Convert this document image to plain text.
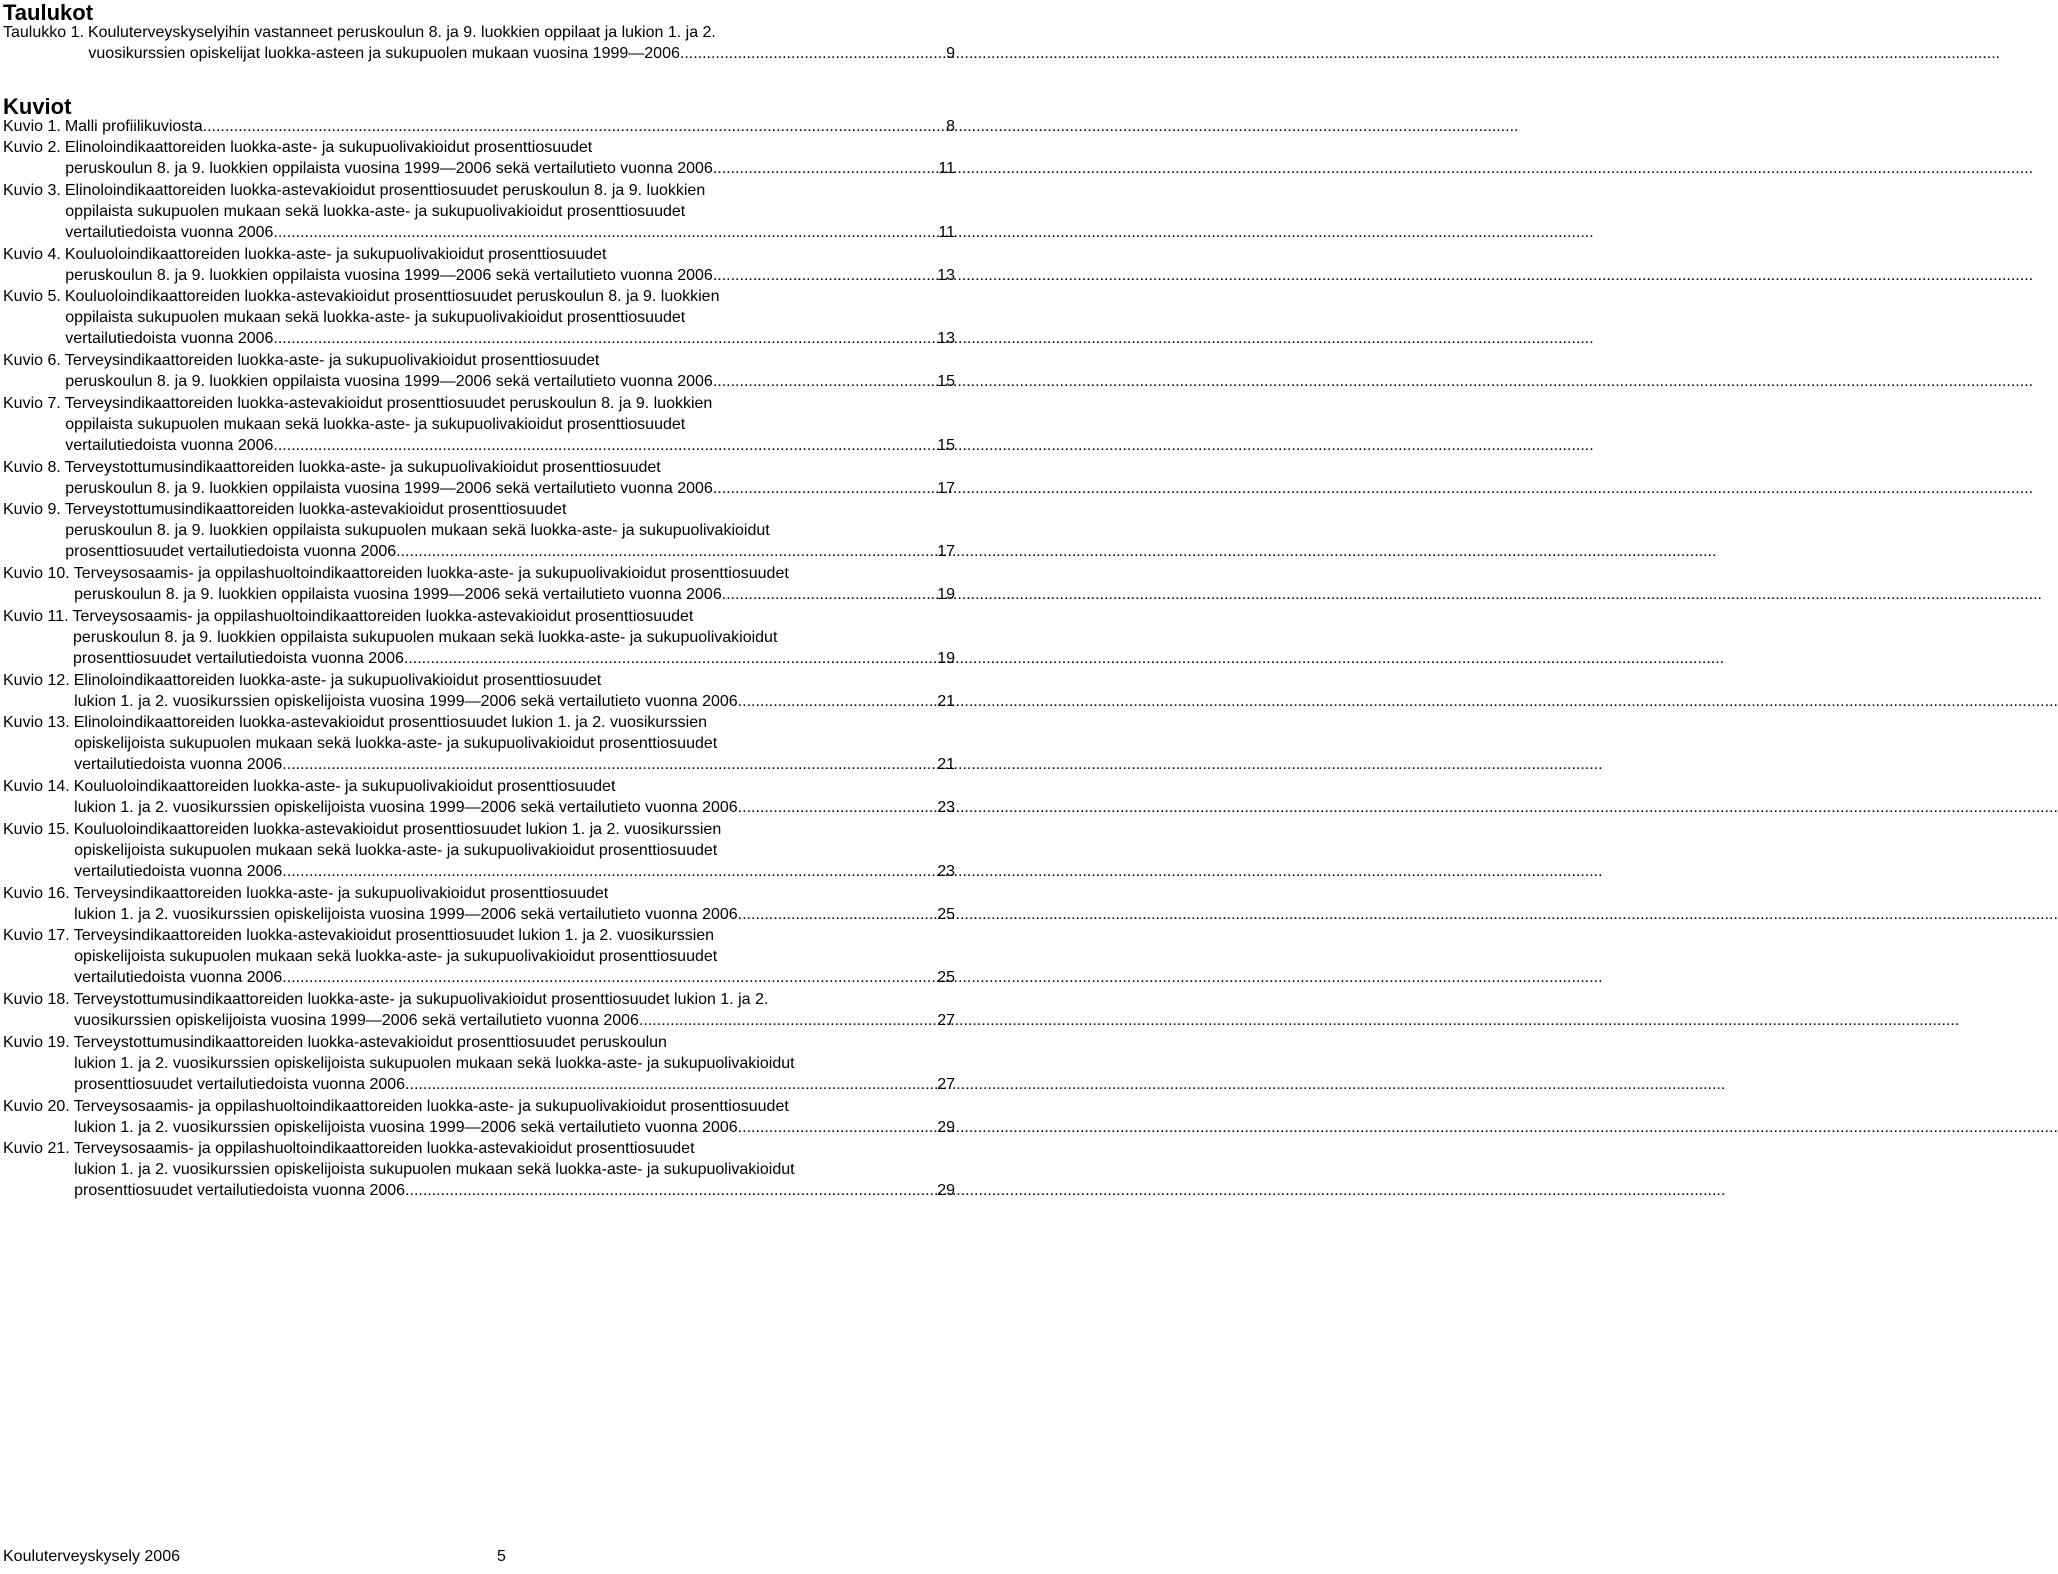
Taulukot
Taulukko 1. Kouluterveyskyselyihin vastanneet peruskoulun 8. ja 9. luokkien oppilaat ja lukion 1. ja 2.
vuosikurssien opiskelijat luokka-asteen ja sukupuolen mukaan vuosina 1999—2006. .....	9
Kuviot
Kuvio 1. Malli profiilikuviosta .....	8
Kuvio 2. Elinoloindikaattoreiden luokka-aste- ja sukupuolivakioidut prosenttiosuudet
peruskoulun 8. ja 9. luokkien oppilaista vuosina 1999—2006 sekä vertailutieto vuonna 2006. .....	11
Kuvio 3. Elinoloindikaattoreiden luokka-astevakioidut prosenttiosuudet peruskoulun 8. ja 9. luokkien
oppilaista sukupuolen mukaan sekä luokka-aste- ja sukupuolivakioidut prosenttiosuudet
vertailutiedoista vuonna 2006. .....	11
Kuvio 4. Kouluoloindikaattoreiden luokka-aste- ja sukupuolivakioidut prosenttiosuudet
peruskoulun 8. ja 9. luokkien oppilaista vuosina 1999—2006 sekä vertailutieto vuonna 2006. .....	13
Kuvio 5. Kouluoloindikaattoreiden luokka-astevakioidut prosenttiosuudet peruskoulun 8. ja 9. luokkien
oppilaista sukupuolen mukaan sekä luokka-aste- ja sukupuolivakioidut prosenttiosuudet
vertailutiedoista vuonna 2006. .....	13
Kuvio 6. Terveysindikaattoreiden luokka-aste- ja sukupuolivakioidut prosenttiosuudet
peruskoulun 8. ja 9. luokkien oppilaista vuosina 1999—2006 sekä vertailutieto vuonna 2006. .....	15
Kuvio 7. Terveysindikaattoreiden luokka-astevakioidut prosenttiosuudet peruskoulun 8. ja 9. luokkien
oppilaista sukupuolen mukaan sekä luokka-aste- ja sukupuolivakioidut prosenttiosuudet
vertailutiedoista vuonna 2006. .....	15
Kuvio 8. Terveystottumusindikaattoreiden luokka-aste- ja sukupuolivakioidut prosenttiosuudet
peruskoulun 8. ja 9. luokkien oppilaista vuosina 1999—2006 sekä vertailutieto vuonna 2006. .....	17
Kuvio 9. Terveystottumusindikaattoreiden luokka-astevakioidut prosenttiosuudet
peruskoulun 8. ja 9. luokkien oppilaista sukupuolen mukaan sekä luokka-aste- ja sukupuolivakioidut
prosenttiosuudet vertailutiedoista vuonna 2006. .....	17
Kuvio 10. Terveysosaamis- ja oppilashuoltoindikaattoreiden luokka-aste- ja sukupuolivakioidut prosenttiosuudet
peruskoulun 8. ja 9. luokkien oppilaista vuosina 1999—2006 sekä vertailutieto vuonna 2006. .....	19
Kuvio 11. Terveysosaamis- ja oppilashuoltoindikaattoreiden luokka-astevakioidut prosenttiosuudet
peruskoulun 8. ja 9. luokkien oppilaista sukupuolen mukaan sekä luokka-aste- ja sukupuolivakioidut
prosenttiosuudet vertailutiedoista vuonna 2006. .....	19
Kuvio 12. Elinoloindikaattoreiden luokka-aste- ja sukupuolivakioidut prosenttiosuudet
lukion 1. ja 2. vuosikurssien opiskelijoista vuosina 1999—2006 sekä vertailutieto vuonna 2006. .....	21
Kuvio 13. Elinoloindikaattoreiden luokka-astevakioidut prosenttiosuudet lukion 1. ja 2. vuosikurssien
opiskelijoista sukupuolen mukaan sekä luokka-aste- ja sukupuolivakioidut prosenttiosuudet
vertailutiedoista vuonna 2006. .....	21
Kuvio 14. Kouluoloindikaattoreiden luokka-aste- ja sukupuolivakioidut prosenttiosuudet
lukion 1. ja 2. vuosikurssien opiskelijoista vuosina 1999—2006 sekä vertailutieto vuonna 2006. .....	23
Kuvio 15. Kouluoloindikaattoreiden luokka-astevakioidut prosenttiosuudet lukion 1. ja 2. vuosikurssien
opiskelijoista sukupuolen mukaan sekä luokka-aste- ja sukupuolivakioidut prosenttiosuudet
vertailutiedoista vuonna 2006. .....	23
Kuvio 16. Terveysindikaattoreiden luokka-aste- ja sukupuolivakioidut prosenttiosuudet
lukion 1. ja 2. vuosikurssien opiskelijoista vuosina 1999—2006 sekä vertailutieto vuonna 2006. .....	25
Kuvio 17. Terveysindikaattoreiden luokka-astevakioidut prosenttiosuudet lukion 1. ja 2. vuosikurssien
opiskelijoista sukupuolen mukaan sekä luokka-aste- ja sukupuolivakioidut prosenttiosuudet
vertailutiedoista vuonna 2006. .....	25
Kuvio 18. Terveystottumusindikaattoreiden luokka-aste- ja sukupuolivakioidut prosenttiosuudet lukion 1. ja 2.
vuosikurssien opiskelijoista vuosina 1999—2006 sekä vertailutieto vuonna 2006. .....	27
Kuvio 19. Terveystottumusindikaattoreiden luokka-astevakioidut prosenttiosuudet peruskoulun
lukion 1. ja 2. vuosikurssien opiskelijoista sukupuolen mukaan sekä luokka-aste- ja sukupuolivakioidut
prosenttiosuudet vertailutiedoista vuonna 2006. .....	27
Kuvio 20. Terveysosaamis- ja oppilashuoltoindikaattoreiden luokka-aste- ja sukupuolivakioidut prosenttiosuudet
lukion 1. ja 2. vuosikurssien opiskelijoista vuosina 1999—2006 sekä vertailutieto vuonna 2006. .....	29
Kuvio 21. Terveysosaamis- ja oppilashuoltoindikaattoreiden luokka-astevakioidut prosenttiosuudet
lukion 1. ja 2. vuosikurssien opiskelijoista sukupuolen mukaan sekä luokka-aste- ja sukupuolivakioidut
prosenttiosuudet vertailutiedoista vuonna 2006. .....	29
Kouluterveyskysely 2006	5
